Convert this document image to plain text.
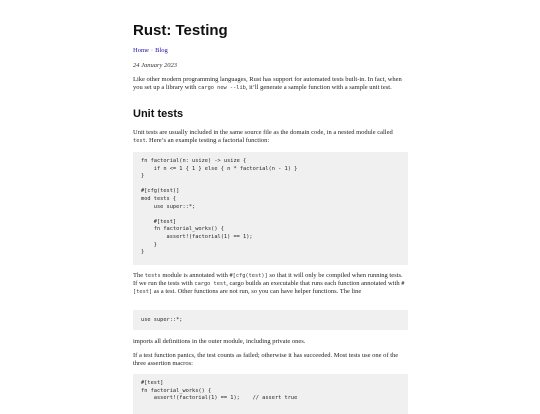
Rust: Testing
Home · Blog
24 January 2023

Like other modern programming languages, Rust has support for automated tests built-in. In fact, when you set up a library with cargo new --lib, it’ll generate a sample function with a sample unit test.

Unit tests

Unit tests are usually included in the same source file as the domain code, in a nested module called test. Here’s an example testing a factorial function:

fn factorial(n: usize) -> usize {
if n <= 1 { 1 } else { n * factorial(n - 1) }
}
#[cfg(test)]
mod tests {
use super::*;
#[test]
fn factorial_works() {
assert!(factorial(1) == 1);
}
}

The tests module is annotated with #[cfg(test)] so that it will only be compiled when running tests. If we run the tests with cargo test, cargo builds an executable that runs each function annotated with #[test] as a test. Other functions are not run, so you can have helper functions. The line

use super::*;

imports all definitions in the outer module, including private ones.

If a test function panics, the test counts as failed; otherwise it has succeeded. Most tests use one of the three assertion macros:

#[test]
fn factorial_works() {
assert!(factorial(1) == 1);    // assert true
